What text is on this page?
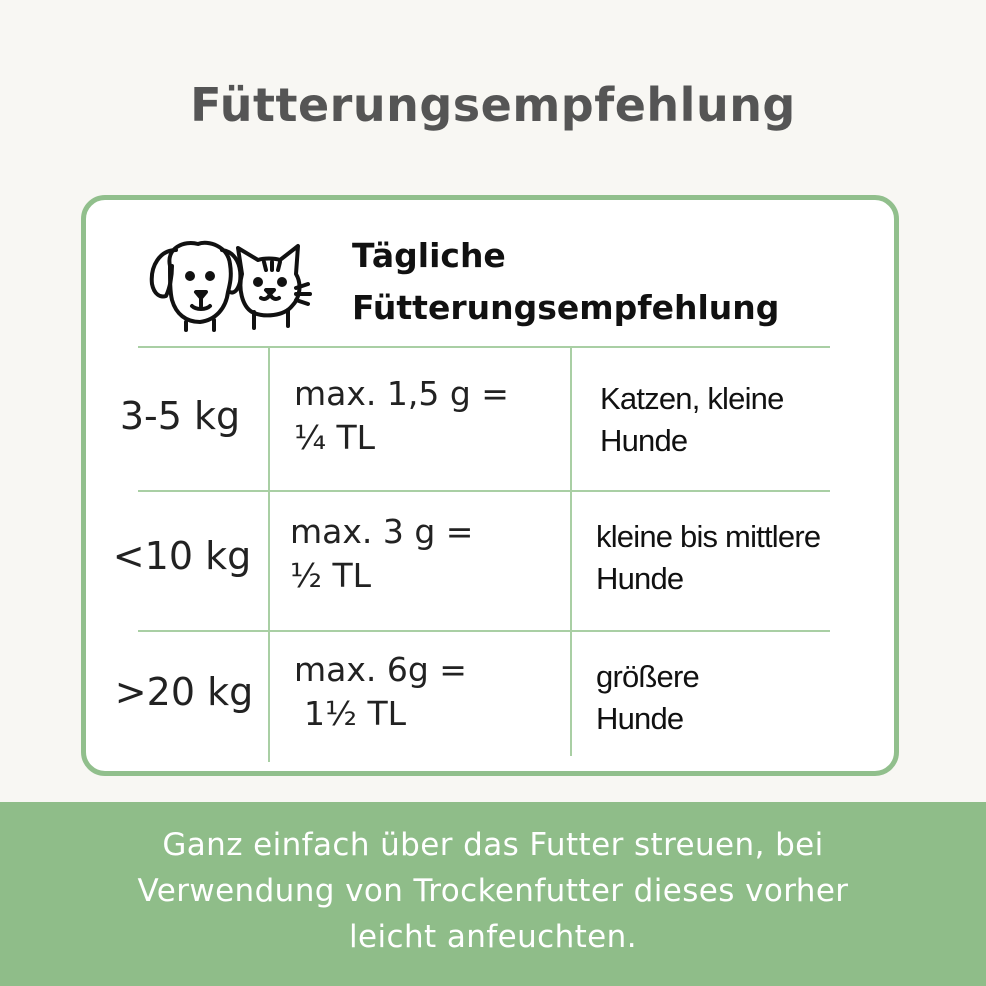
Fütterungsempfehlung
Tägliche
Fütterungsempfehlung
3-5 kg
max. 1,5 g =
¼ TL
Katzen, kleine
Hunde
<10 kg
max. 3 g =
½ TL
kleine bis mittlere
Hunde
>20 kg
max. 6g =
1½ TL
größere
Hunde
Ganz einfach über das Futter streuen, bei
Verwendung von Trockenfutter dieses vorher
leicht anfeuchten.
